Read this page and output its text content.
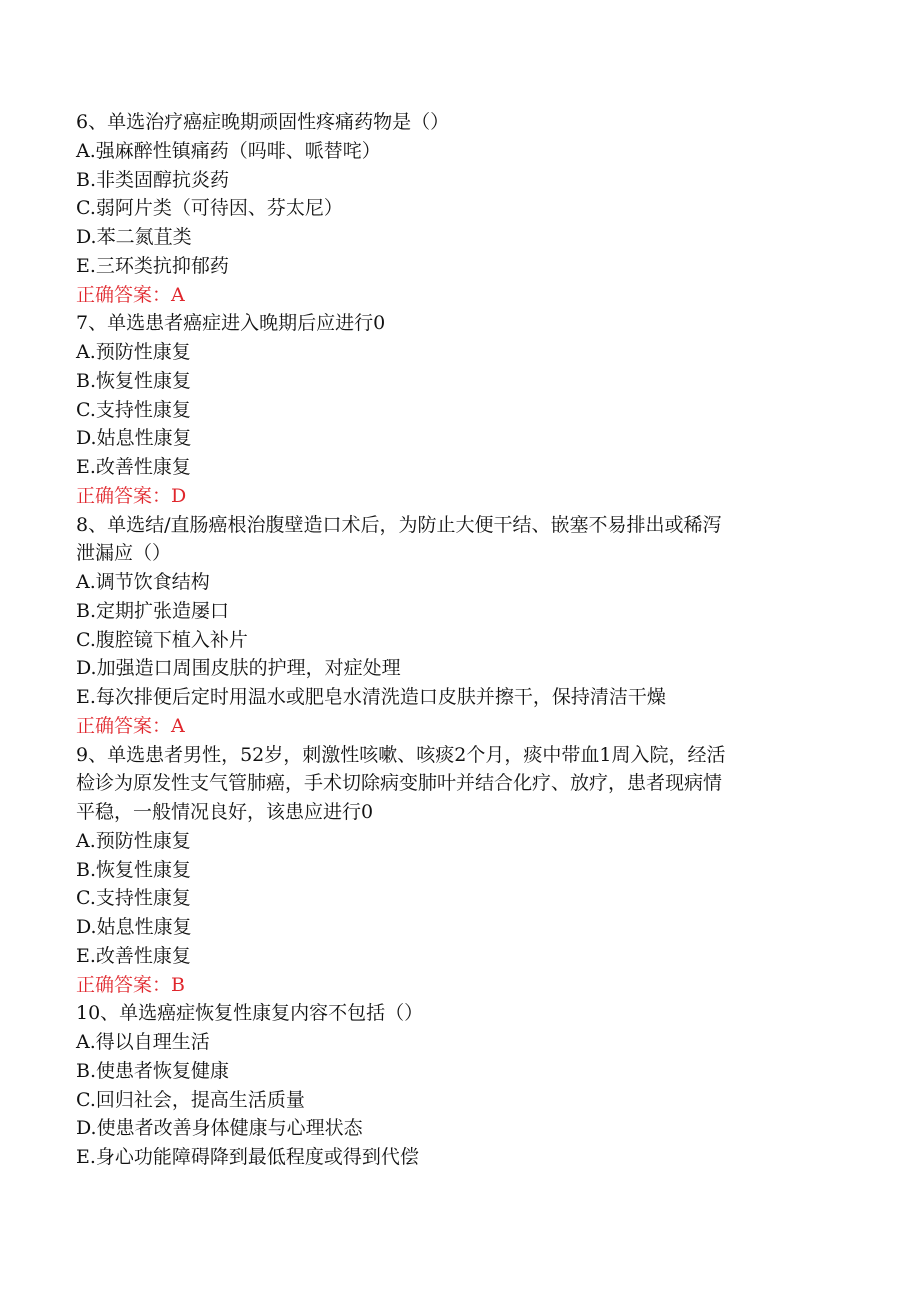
6、单选治疗癌症晚期顽固性疼痛药物是（）
A.强麻醉性镇痛药（吗啡、哌替咤）
B.非类固醇抗炎药
C.弱阿片类（可待因、芬太尼）
D.苯二氮苴类
E.三环类抗抑郁药
正确答案：A
7、单选患者癌症进入晚期后应进行0
A.预防性康复
B.恢复性康复
C.支持性康复
D.姑息性康复
E.改善性康复
正确答案：D
8、单选结/直肠癌根治腹壁造口术后，为防止大便干结、嵌塞不易排出或稀泻
泄漏应（）
A.调节饮食结构
B.定期扩张造屡口
C.腹腔镜下植入补片
D.加强造口周围皮肤的护理，对症处理
E.每次排便后定时用温水或肥皂水清洗造口皮肤并擦干，保持清洁干燥
正确答案：A
9、单选患者男性，52岁，刺激性咳嗽、咳痰2个月，痰中带血1周入院，经活
检诊为原发性支气管肺癌，手术切除病变肺叶并结合化疗、放疗，患者现病情
平稳，一般情况良好，该患应进行0
A.预防性康复
B.恢复性康复
C.支持性康复
D.姑息性康复
E.改善性康复
正确答案：B
10、单选癌症恢复性康复内容不包括（）
A.得以自理生活
B.使患者恢复健康
C.回归社会，提高生活质量
D.使患者改善身体健康与心理状态
E.身心功能障碍降到最低程度或得到代偿
